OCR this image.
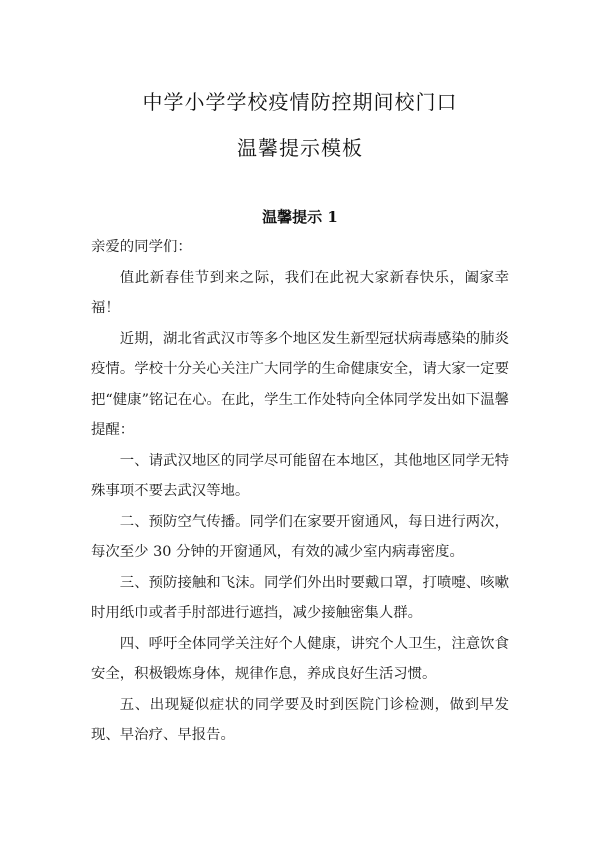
中学小学学校疫情防控期间校门口
温馨提示模板
温馨提示 1

亲爱的同学们：

值此新春佳节到来之际，我们在此祝大家新春快乐，阖家幸福！

近期，湖北省武汉市等多个地区发生新型冠状病毒感染的肺炎疫情。学校十分关心关注广大同学的生命健康安全，请大家一定要把“健康”铭记在心。在此，学生工作处特向全体同学发出如下温馨提醒：

一、请武汉地区的同学尽可能留在本地区，其他地区同学无特殊事项不要去武汉等地。

二、预防空气传播。同学们在家要开窗通风，每日进行两次，每次至少 30 分钟的开窗通风，有效的减少室内病毒密度。

三、预防接触和飞沫。同学们外出时要戴口罩，打喷嚏、咳嗽时用纸巾或者手肘部进行遮挡，减少接触密集人群。

四、呼吁全体同学关注好个人健康，讲究个人卫生，注意饮食安全，积极锻炼身体，规律作息，养成良好生活习惯。

五、出现疑似症状的同学要及时到医院门诊检测，做到早发现、早治疗、早报告。
